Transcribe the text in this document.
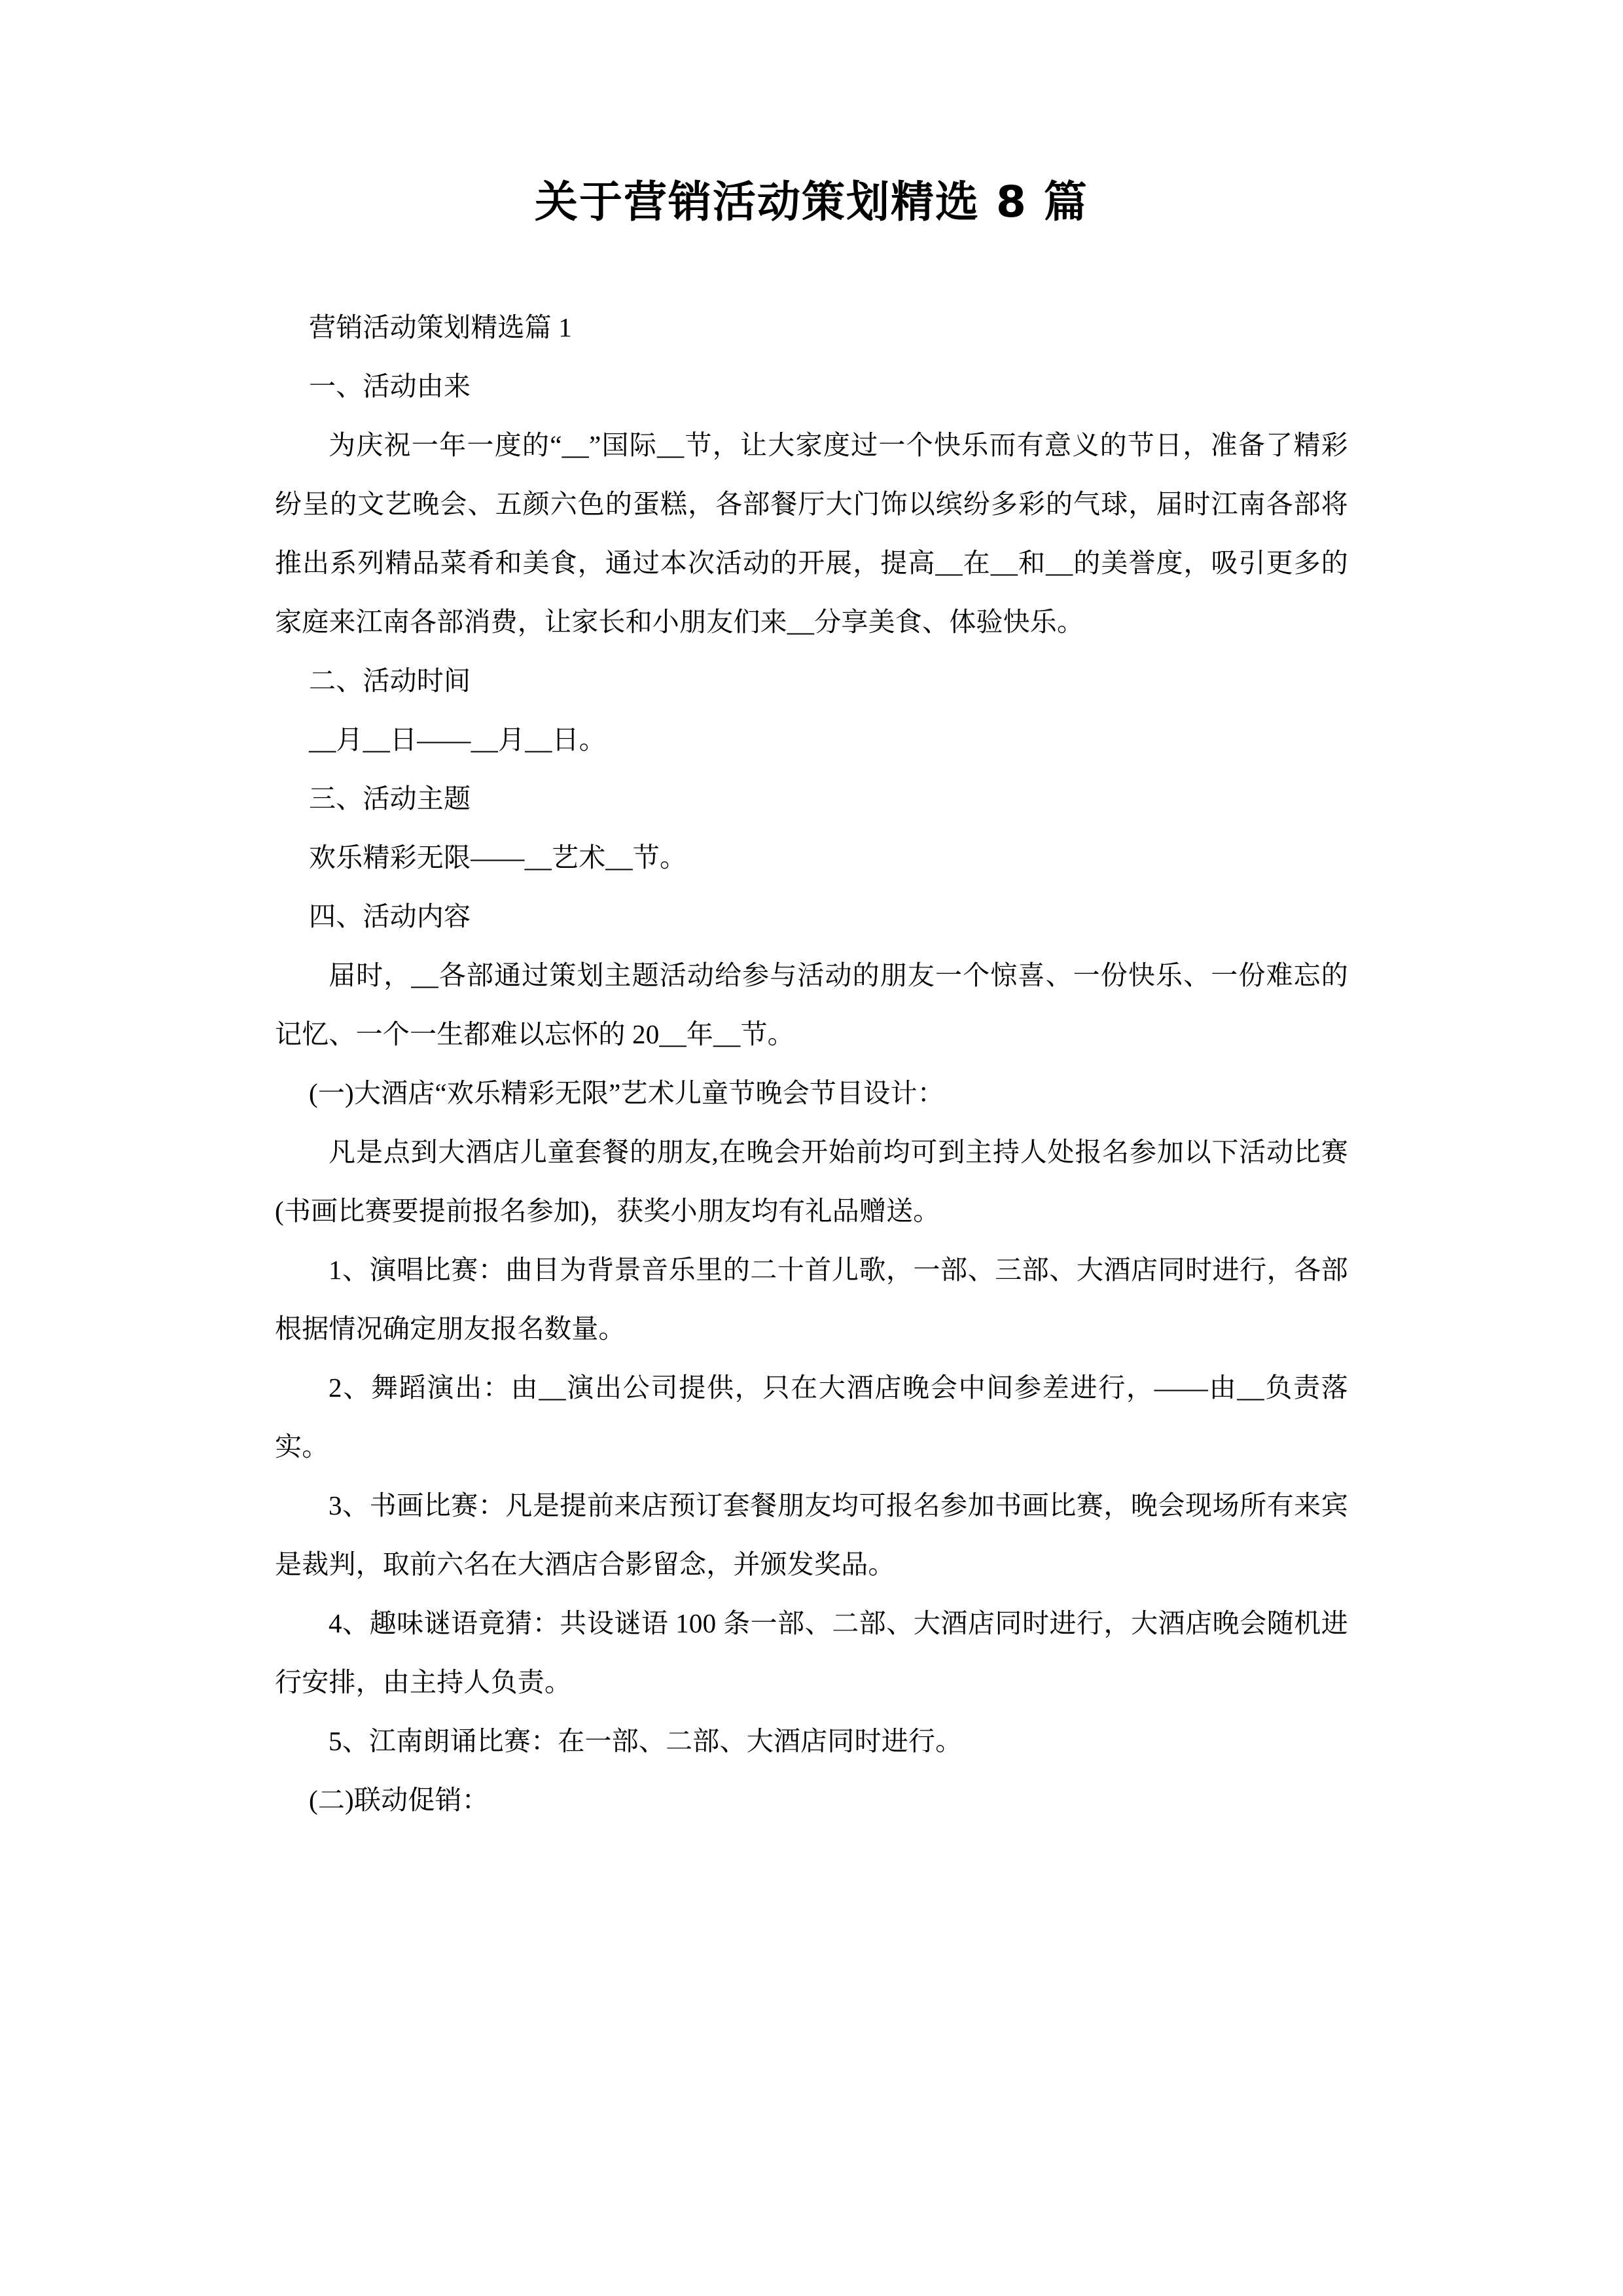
关于营销活动策划精选 8 篇

营销活动策划精选篇 1

一、活动由来

为庆祝一年一度的“__”国际__节，让大家度过一个快乐而有意义的节日，准备了精彩纷呈的文艺晚会、五颜六色的蛋糕，各部餐厅大门饰以缤纷多彩的气球，届时江南各部将推出系列精品菜肴和美食，通过本次活动的开展，提高__在__和__的美誉度，吸引更多的家庭来江南各部消费，让家长和小朋友们来__分享美食、体验快乐。

二、活动时间

__月__日——__月__日。

三、活动主题

欢乐精彩无限——__艺术__节。

四、活动内容

届时，__各部通过策划主题活动给参与活动的朋友一个惊喜、一份快乐、一份难忘的记忆、一个一生都难以忘怀的 20__年__节。

(一)大酒店“欢乐精彩无限”艺术儿童节晚会节目设计：

凡是点到大酒店儿童套餐的朋友,在晚会开始前均可到主持人处报名参加以下活动比赛(书画比赛要提前报名参加)，获奖小朋友均有礼品赠送。

1、演唱比赛：曲目为背景音乐里的二十首儿歌，一部、三部、大酒店同时进行，各部根据情况确定朋友报名数量。

2、舞蹈演出：由__演出公司提供，只在大酒店晚会中间参差进行，——由__负责落实。

3、书画比赛：凡是提前来店预订套餐朋友均可报名参加书画比赛，晚会现场所有来宾是裁判，取前六名在大酒店合影留念，并颁发奖品。

4、趣味谜语竟猜：共设谜语 100 条一部、二部、大酒店同时进行，大酒店晚会随机进行安排，由主持人负责。

5、江南朗诵比赛：在一部、二部、大酒店同时进行。

(二)联动促销：
